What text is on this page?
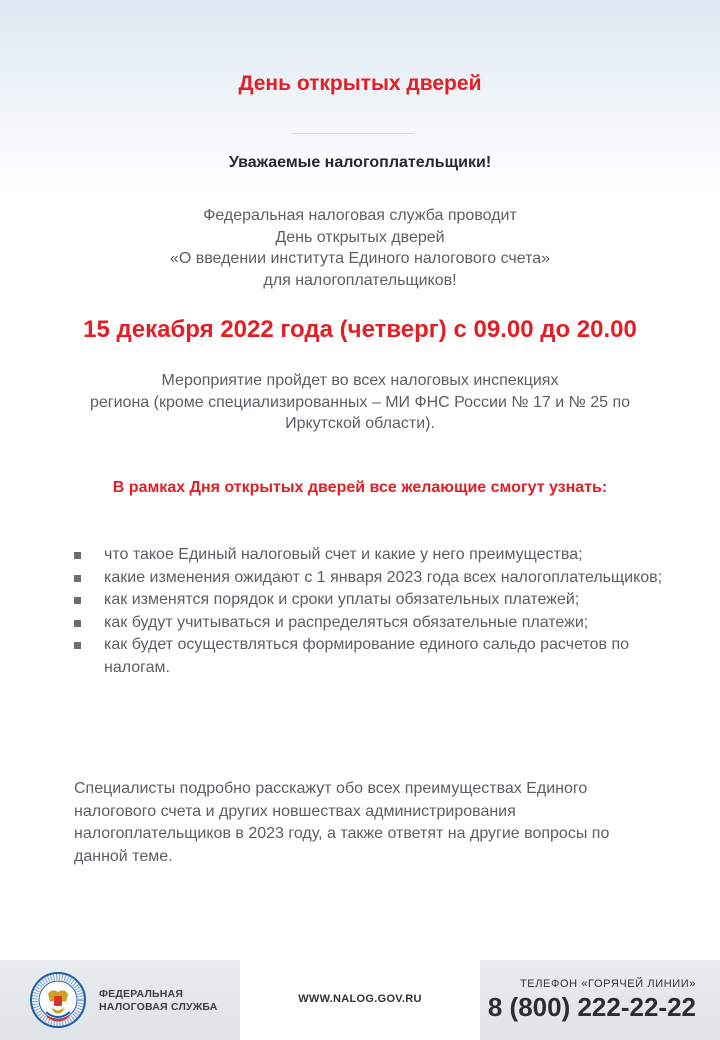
День открытых дверей
Уважаемые налогоплательщики!
Федеральная налоговая служба проводит
День открытых дверей
«О введении института Единого налогового счета»
для налогоплательщиков!
15 декабря 2022 года (четверг) с 09.00 до 20.00
Мероприятие пройдет во всех налоговых инспекциях
региона (кроме специализированных – МИ ФНС России № 17 и № 25 по
Иркутской области).
В рамках Дня открытых дверей все желающие смогут узнать:
что такое Единый налоговый счет и какие у него преимущества;
какие изменения ожидают с 1 января 2023 года всех налогоплательщиков;
как изменятся порядок и сроки уплаты обязательных платежей;
как будут учитываться и распределяться обязательные платежи;
как будет осуществляться формирование единого сальдо расчетов по налогам.
Специалисты подробно расскажут обо всех преимуществах Единого налогового счета и других новшествах администрирования налогоплательщиков в 2023 году, а также ответят на другие вопросы по данной теме.
ФЕДЕРАЛЬНАЯ
НАЛОГОВАЯ СЛУЖБА
WWW.NALOG.GOV.RU
ТЕЛЕФОН «ГОРЯЧЕЙ ЛИНИИ»
8 (800) 222-22-22
